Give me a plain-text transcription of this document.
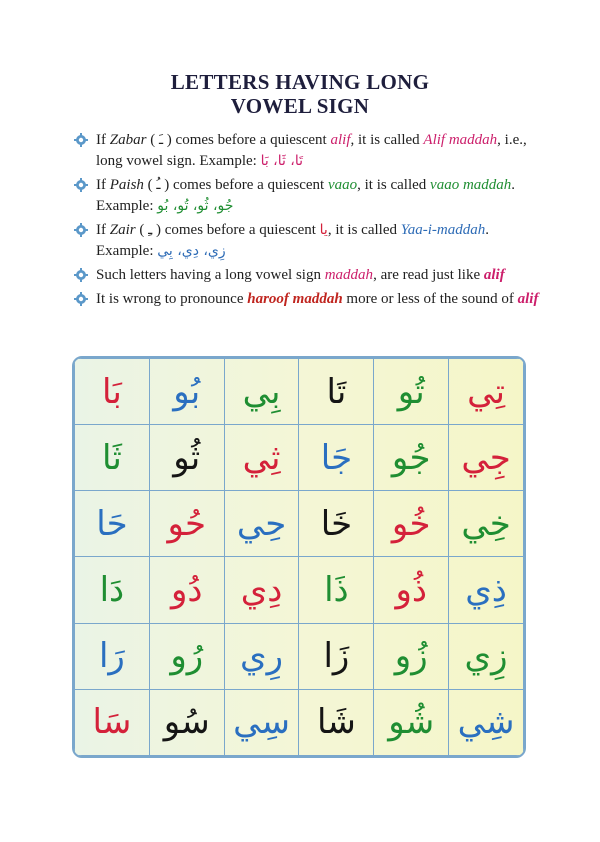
LETTERS HAVING LONG
VOWEL SIGN
If Zabar ( ـَ ) comes before a quiescent alif, it is called Alif maddah, i.e., long vowel sign. Example: تَا، ثَا، بَا
If Paish ( ـُ ) comes before a quiescent vaao, it is called vaao maddah. Example: جُو، ثُو، تُو، بُو
If Zair ( ـِ ) comes before a quiescent يا, it is called Yaa-i-maddah. Example: زِي، دِي، بِي
Such letters having a long vowel sign maddah, are read just like alif
It is wrong to pronounce haroof maddah more or less of the sound of alif
بَا	بُو	بِي	تَا	تُو	تِي
ثَا	ثُو	ثِي	جَا	جُو	جِي
حَا	حُو	حِي	خَا	خُو	خِي
دَا	دُو	دِي	ذَا	ذُو	ذِي
رَا	رُو	رِي	زَا	زُو	زِي
سَا	سُو	سِي	شَا	شُو	شِي
